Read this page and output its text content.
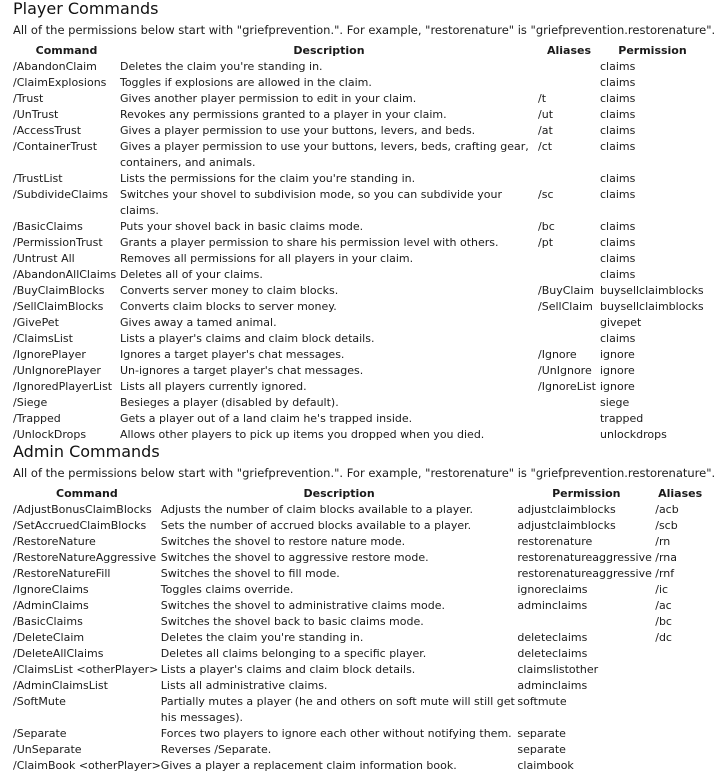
Player Commands

All of the permissions below start with "griefprevention.". For example, "restorenature" is "griefprevention.restorenature".

Command	Description	Aliases	Permission
/AbandonClaim	Deletes the claim you're standing in.		claims
/ClaimExplosions	Toggles if explosions are allowed in the claim.		claims
/Trust	Gives another player permission to edit in your claim.	/t	claims
/UnTrust	Revokes any permissions granted to a player in your claim.	/ut	claims
/AccessTrust	Gives a player permission to use your buttons, levers, and beds.	/at	claims
/ContainerTrust	Gives a player permission to use your buttons, levers, beds, crafting gear, containers, and animals.	/ct	claims
/TrustList	Lists the permissions for the claim you're standing in.		claims
/SubdivideClaims	Switches your shovel to subdivision mode, so you can subdivide your claims.	/sc	claims
/BasicClaims	Puts your shovel back in basic claims mode.	/bc	claims
/PermissionTrust	Grants a player permission to share his permission level with others.	/pt	claims
/Untrust All	Removes all permissions for all players in your claim.		claims
/AbandonAllClaims	Deletes all of your claims.		claims
/BuyClaimBlocks	Converts server money to claim blocks.	/BuyClaim	buysellclaimblocks
/SellClaimBlocks	Converts claim blocks to server money.	/SellClaim	buysellclaimblocks
/GivePet	Gives away a tamed animal.		givepet
/ClaimsList	Lists a player's claims and claim block details.		claims
/IgnorePlayer	Ignores a target player's chat messages.	/Ignore	ignore
/UnIgnorePlayer	Un-ignores a target player's chat messages.	/UnIgnore	ignore
/IgnoredPlayerList	Lists all players currently ignored.	/IgnoreList	ignore
/Siege	Besieges a player (disabled by default).		siege
/Trapped	Gets a player out of a land claim he's trapped inside.		trapped
/UnlockDrops	Allows other players to pick up items you dropped when you died.		unlockdrops
Admin Commands

All of the permissions below start with "griefprevention.". For example, "restorenature" is "griefprevention.restorenature".

Command	Description	Permission	Aliases
/AdjustBonusClaimBlocks	Adjusts the number of claim blocks available to a player.	adjustclaimblocks	/acb
/SetAccruedClaimBlocks	Sets the number of accrued blocks available to a player.	adjustclaimblocks	/scb
/RestoreNature	Switches the shovel to restore nature mode.	restorenature	/rn
/RestoreNatureAggressive	Switches the shovel to aggressive restore mode.	restorenatureaggressive	/rna
/RestoreNatureFill	Switches the shovel to fill mode.	restorenatureaggressive	/rnf
/IgnoreClaims	Toggles claims override.	ignoreclaims	/ic
/AdminClaims	Switches the shovel to administrative claims mode.	adminclaims	/ac
/BasicClaims	Switches the shovel back to basic claims mode.		/bc
/DeleteClaim	Deletes the claim you're standing in.	deleteclaims	/dc
/DeleteAllClaims	Deletes all claims belonging to a specific player.	deleteclaims	
/ClaimsList <otherPlayer>	Lists a player's claims and claim block details.	claimslistother	
/AdminClaimsList	Lists all administrative claims.	adminclaims	
/SoftMute	Partially mutes a player (he and others on soft mute will still get his messages).	softmute	
/Separate	Forces two players to ignore each other without notifying them.	separate	
/UnSeparate	Reverses /Separate.	separate	
/ClaimBook <otherPlayer>	Gives a player a replacement claim information book.	claimbook	
